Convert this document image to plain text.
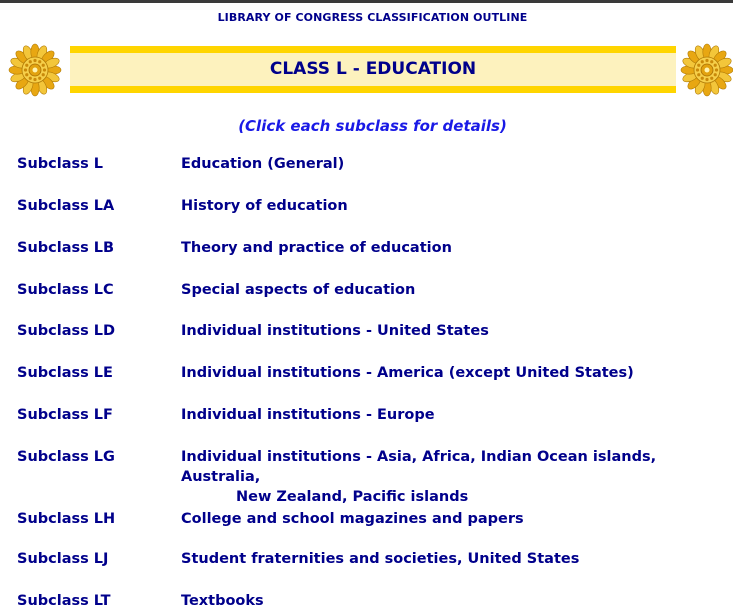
LIBRARY OF CONGRESS CLASSIFICATION OUTLINE
CLASS L - EDUCATION
(Click each subclass for details)
Subclass L	Education (General)
Subclass LA	History of education
Subclass LB	Theory and practice of education
Subclass LC	Special aspects of education
Subclass LD	Individual institutions - United States
Subclass LE	Individual institutions - America (except United States)
Subclass LF	Individual institutions - Europe
Subclass LG	Individual institutions - Asia, Africa, Indian Ocean islands, Australia,
New Zealand, Pacific islands
Subclass LH	College and school magazines and papers
Subclass LJ	Student fraternities and societies, United States
Subclass LT	Textbooks
